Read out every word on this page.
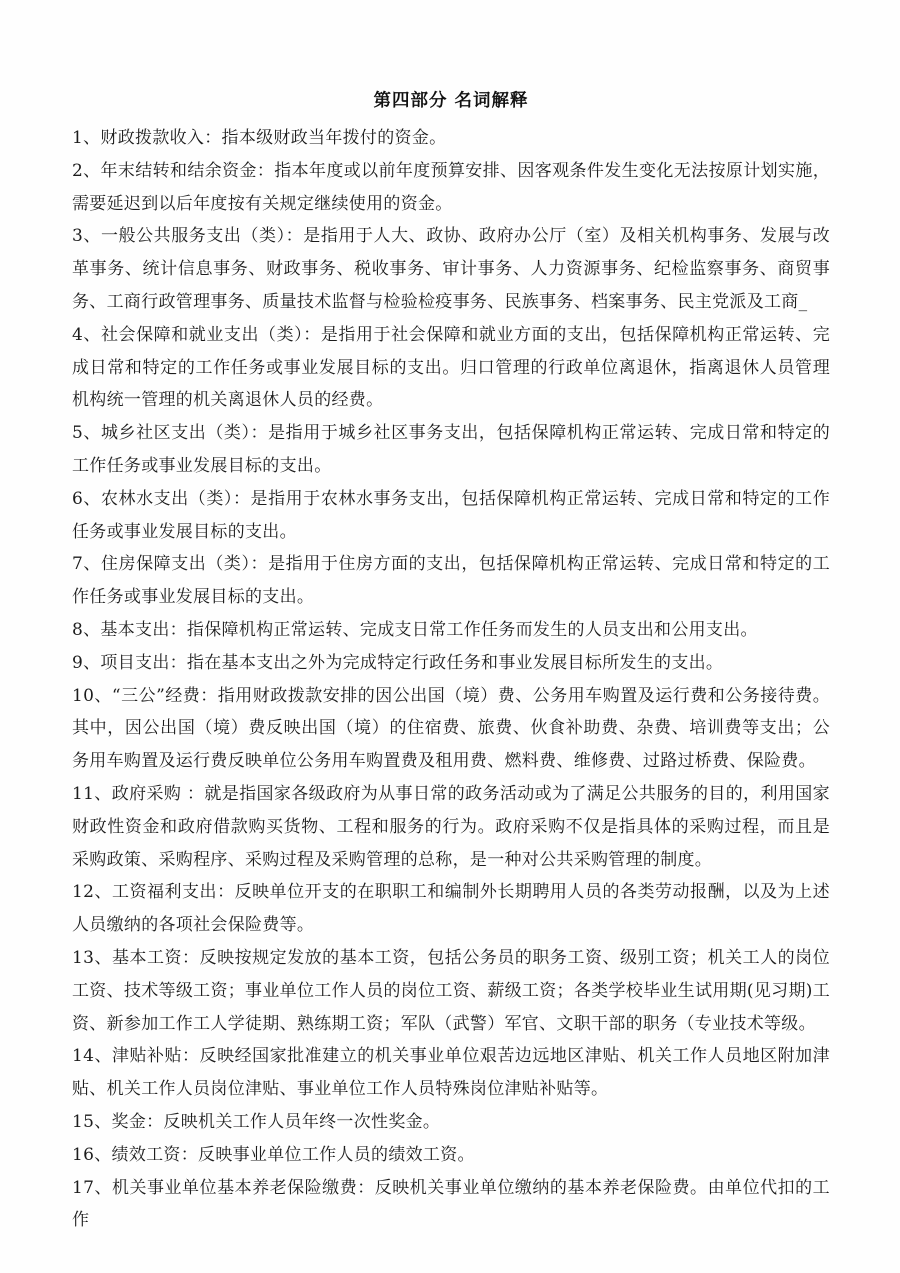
第四部分 名词解释

1、财政拨款收入：指本级财政当年拨付的资金。

2、年末结转和结余资金：指本年度或以前年度预算安排、因客观条件发生变化无法按原计划实施，需要延迟到以后年度按有关规定继续使用的资金。

3、一般公共服务支出（类）：是指用于人大、政协、政府办公厅（室）及相关机构事务、发展与改革事务、统计信息事务、财政事务、税收事务、审计事务、人力资源事务、纪检监察事务、商贸事务、工商行政管理事务、质量技术监督与检验检疫事务、民族事务、档案事务、民主党派及工商_

4、社会保障和就业支出（类）：是指用于社会保障和就业方面的支出，包括保障机构正常运转、完成日常和特定的工作任务或事业发展目标的支出。归口管理的行政单位离退休，指离退休人员管理机构统一管理的机关离退休人员的经费。

5、城乡社区支出（类）：是指用于城乡社区事务支出，包括保障机构正常运转、完成日常和特定的工作任务或事业发展目标的支出。

6、农林水支出（类）：是指用于农林水事务支出，包括保障机构正常运转、完成日常和特定的工作任务或事业发展目标的支出。

7、住房保障支出（类）：是指用于住房方面的支出，包括保障机构正常运转、完成日常和特定的工作任务或事业发展目标的支出。

8、基本支出：指保障机构正常运转、完成支日常工作任务而发生的人员支出和公用支出。

9、项目支出：指在基本支出之外为完成特定行政任务和事业发展目标所发生的支出。

10、“三公”经费：指用财政拨款安排的因公出国（境）费、公务用车购置及运行费和公务接待费。其中，因公出国（境）费反映出国（境）的住宿费、旅费、伙食补助费、杂费、培训费等支出；公务用车购置及运行费反映单位公务用车购置费及租用费、燃料费、维修费、过路过桥费、保险费。

11、政府采购 ：就是指国家各级政府为从事日常的政务活动或为了满足公共服务的目的，利用国家财政性资金和政府借款购买货物、工程和服务的行为。政府采购不仅是指具体的采购过程，而且是采购政策、采购程序、采购过程及采购管理的总称，是一种对公共采购管理的制度。

12、工资福利支出：反映单位开支的在职职工和编制外长期聘用人员的各类劳动报酬，以及为上述人员缴纳的各项社会保险费等。

13、基本工资：反映按规定发放的基本工资，包括公务员的职务工资、级别工资；机关工人的岗位工资、技术等级工资；事业单位工作人员的岗位工资、薪级工资；各类学校毕业生试用期(见习期)工资、新参加工作工人学徒期、熟练期工资；军队（武警）军官、文职干部的职务（专业技术等级。

14、津贴补贴：反映经国家批准建立的机关事业单位艰苦边远地区津贴、机关工作人员地区附加津贴、机关工作人员岗位津贴、事业单位工作人员特殊岗位津贴补贴等。

15、奖金：反映机关工作人员年终一次性奖金。

16、绩效工资：反映事业单位工作人员的绩效工资。

17、机关事业单位基本养老保险缴费：反映机关事业单位缴纳的基本养老保险费。由单位代扣的工作
